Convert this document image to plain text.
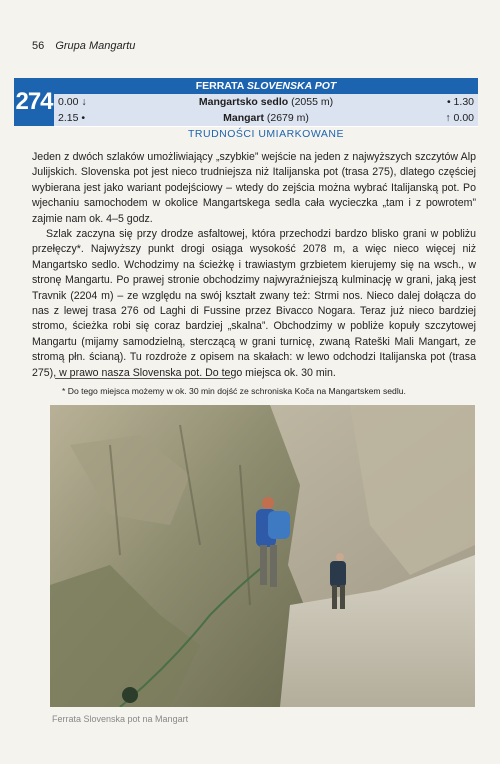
56 Grupa Mangartu
274
FERRATA SLOVENSKA POT
0.00 ↓	Mangartsko sedlo (2055 m)	• 1.30
2.15 •	Mangart (2679 m)	↑ 0.00
TRUDNOŚCI UMIARKOWANE

Jeden z dwóch szlaków umożliwiający „szybkie” wejście na jeden z najwyższych szczytów Alp Julijskich. Slovenska pot jest nieco trudniejsza niż Italijanska pot (trasa 275), dlatego częściej wybierana jest jako wariant podejściowy – wtedy do zejścia można wybrać Italijanską pot. Po wjechaniu samochodem w okolice Mangartskega sedla cała wycieczka „tam i z powrotem” zajmie nam ok. 4–5 godz.

Szlak zaczyna się przy drodze asfaltowej, która przechodzi bardzo blisko grani w pobliżu przełęczy*. Najwyższy punkt drogi osiąga wysokość 2078 m, a więc nieco więcej niż Mangartsko sedlo. Wchodzimy na ścieżkę i trawiastym grzbietem kierujemy się na wsch., w stronę Mangartu. Po prawej stronie obchodzimy najwyraźniejszą kulminację w grani, jaką jest Travnik (2204 m) – ze względu na swój kształt zwany też: Strmi nos. Nieco dalej dołącza do nas z lewej trasa 276 od Laghi di Fussine przez Bivacco Nogara. Teraz już nieco bardziej stromo, ścieżka robi się coraz bardziej „skalna”. Obchodzimy w pobliże kopuły szczytowej Mangartu (mijamy samodzielną, sterczącą w grani turnicę, zwaną Rateški Mali Mangart, ze stromą płn. ścianą). Tu rozdroże z opisem na skałach: w lewo odchodzi Italijanska pot (trasa 275), w prawo nasza Slovenska pot. Do tego miejsca ok. 30 min.

* Do tego miejsca możemy w ok. 30 min dojść ze schroniska Koča na Mangartskem sedlu.
Ferrata Slovenska pot na Mangart
